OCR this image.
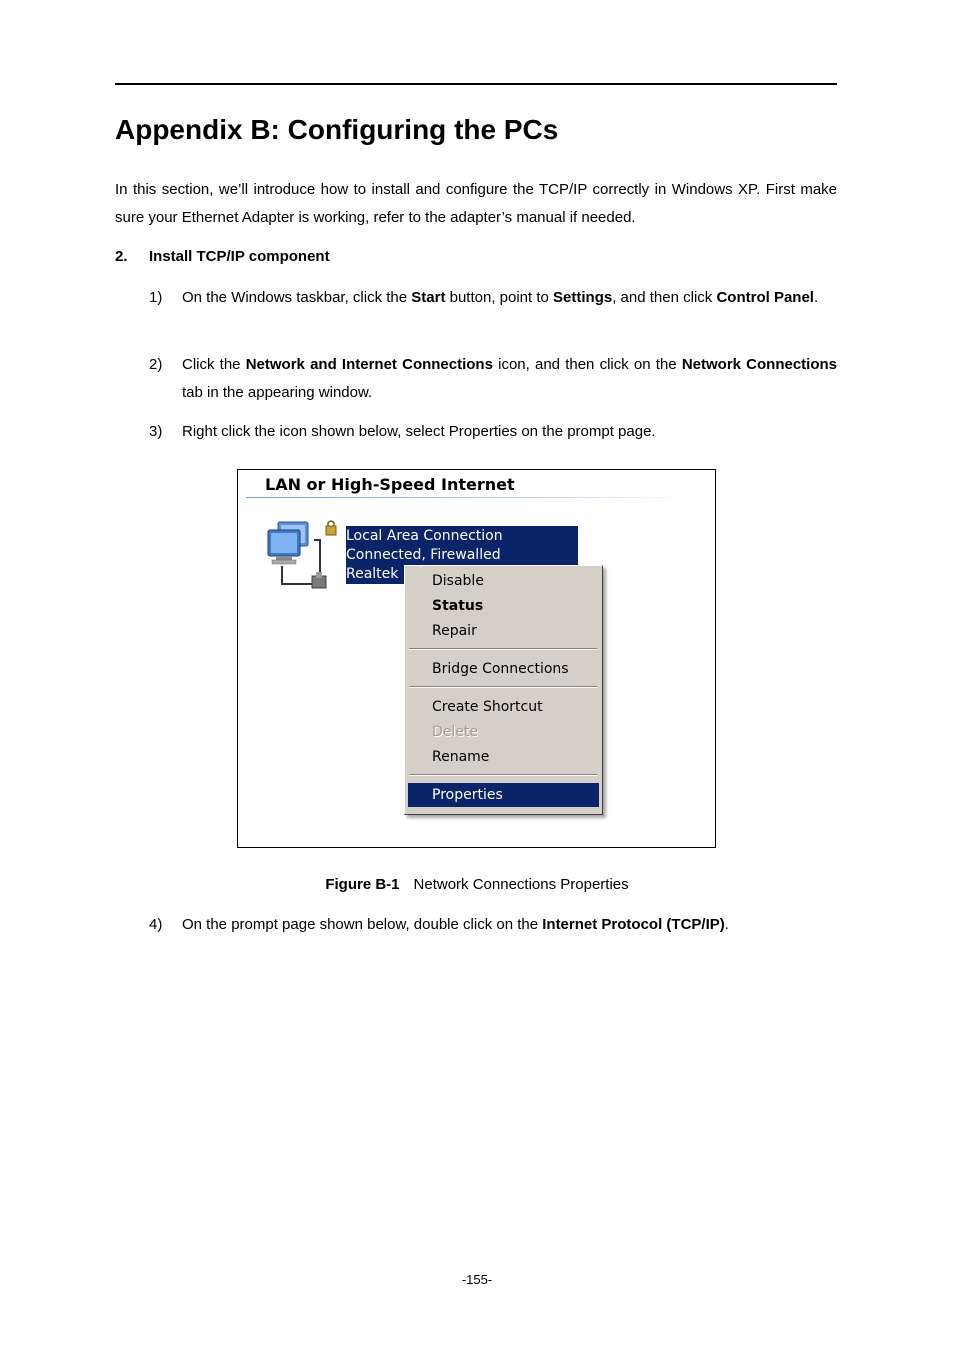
Appendix B: Configuring the PCs
In this section, we’ll introduce how to install and configure the TCP/IP correctly in Windows XP. First make sure your Ethernet Adapter is working, refer to the adapter’s manual if needed.
2. Install TCP/IP component
1) On the Windows taskbar, click the Start button, point to Settings, and then click Control Panel.
2) Click the Network and Internet Connections icon, and then click on the Network Connections tab in the appearing window.
3) Right click the icon shown below, select Properties on the prompt page.
LAN or High-Speed Internet
Local Area Connection
Connected, Firewalled
Realtek	Disable
Status
Repair
Bridge Connections
Create Shortcut
Delete
Rename
Properties
Figure B-1 Network Connections Properties
4) On the prompt page shown below, double click on the Internet Protocol (TCP/IP).
-155-
